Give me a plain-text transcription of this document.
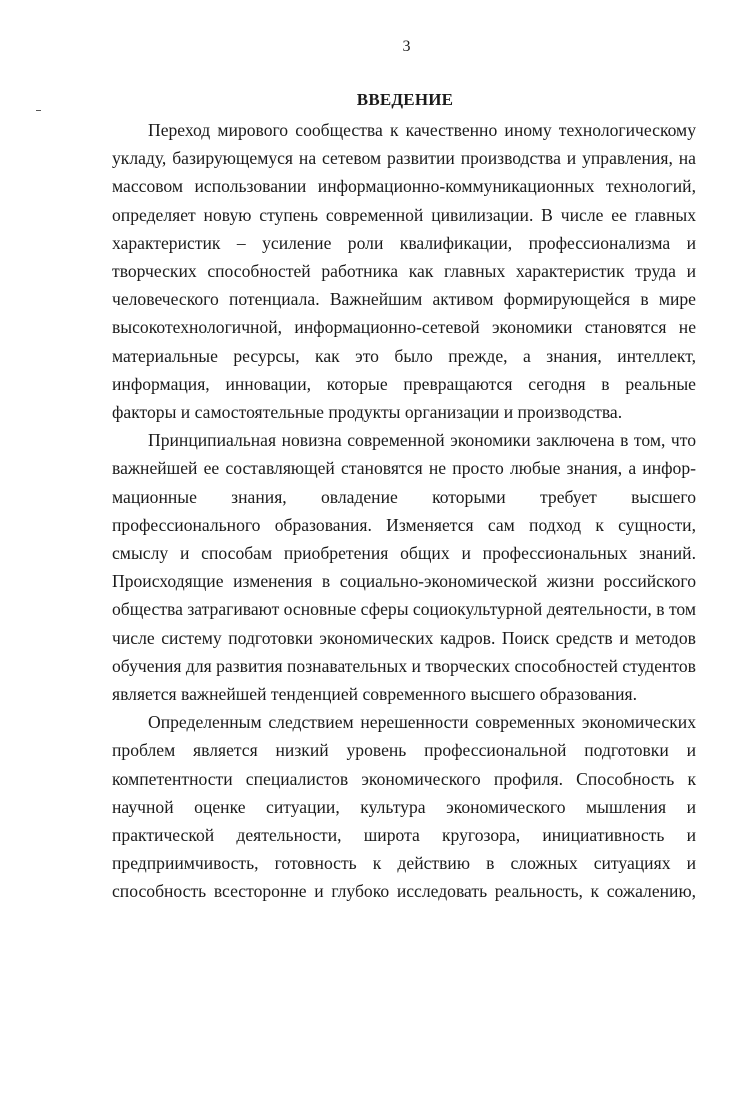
3
ВВЕДЕНИЕ

Переход мирового сообщества к качественно иному технологическому укладу, базирующемуся на сетевом развитии производства и управления, на массовом использовании информационно-коммуникационных технологий, определяет новую ступень современной цивилизации. В числе ее главных характеристик – усиление роли квалификации, профессионализма и творческих способностей работника как главных характеристик труда и человеческого потенциала. Важнейшим активом формирующейся в мире высокотехнологичной, информационно-сетевой экономики становятся не материальные ресурсы, как это было прежде, а знания, интеллект, информация, инновации, которые превращаются сегодня в реальные факторы и самостоятельные продукты организации и производства.

Принципиальная новизна современной экономики заключена в том, что важнейшей ее составляющей становятся не просто любые знания, а информационные знания, овладение которыми требует высшего профессионального образования. Изменяется сам подход к сущности, смыслу и способам приобретения общих и профессиональных знаний. Происходящие изменения в социально-экономической жизни российского общества затрагивают основные сферы социокультурной деятельности, в том числе систему подготовки экономических кадров. Поиск средств и методов обучения для развития познавательных и творческих способностей студентов является важнейшей тенденцией современного высшего образования.

Определенным следствием нерешенности современных экономических проблем является низкий уровень профессиональной подготовки и компетентности специалистов экономического профиля. Способность к научной оценке ситуации, культура экономического мышления и практической деятельности, широта кругозора, инициативность и предприимчивость, готовность к действию в сложных ситуациях и способность всесторонне и глубоко исследовать реальность, к сожалению,
